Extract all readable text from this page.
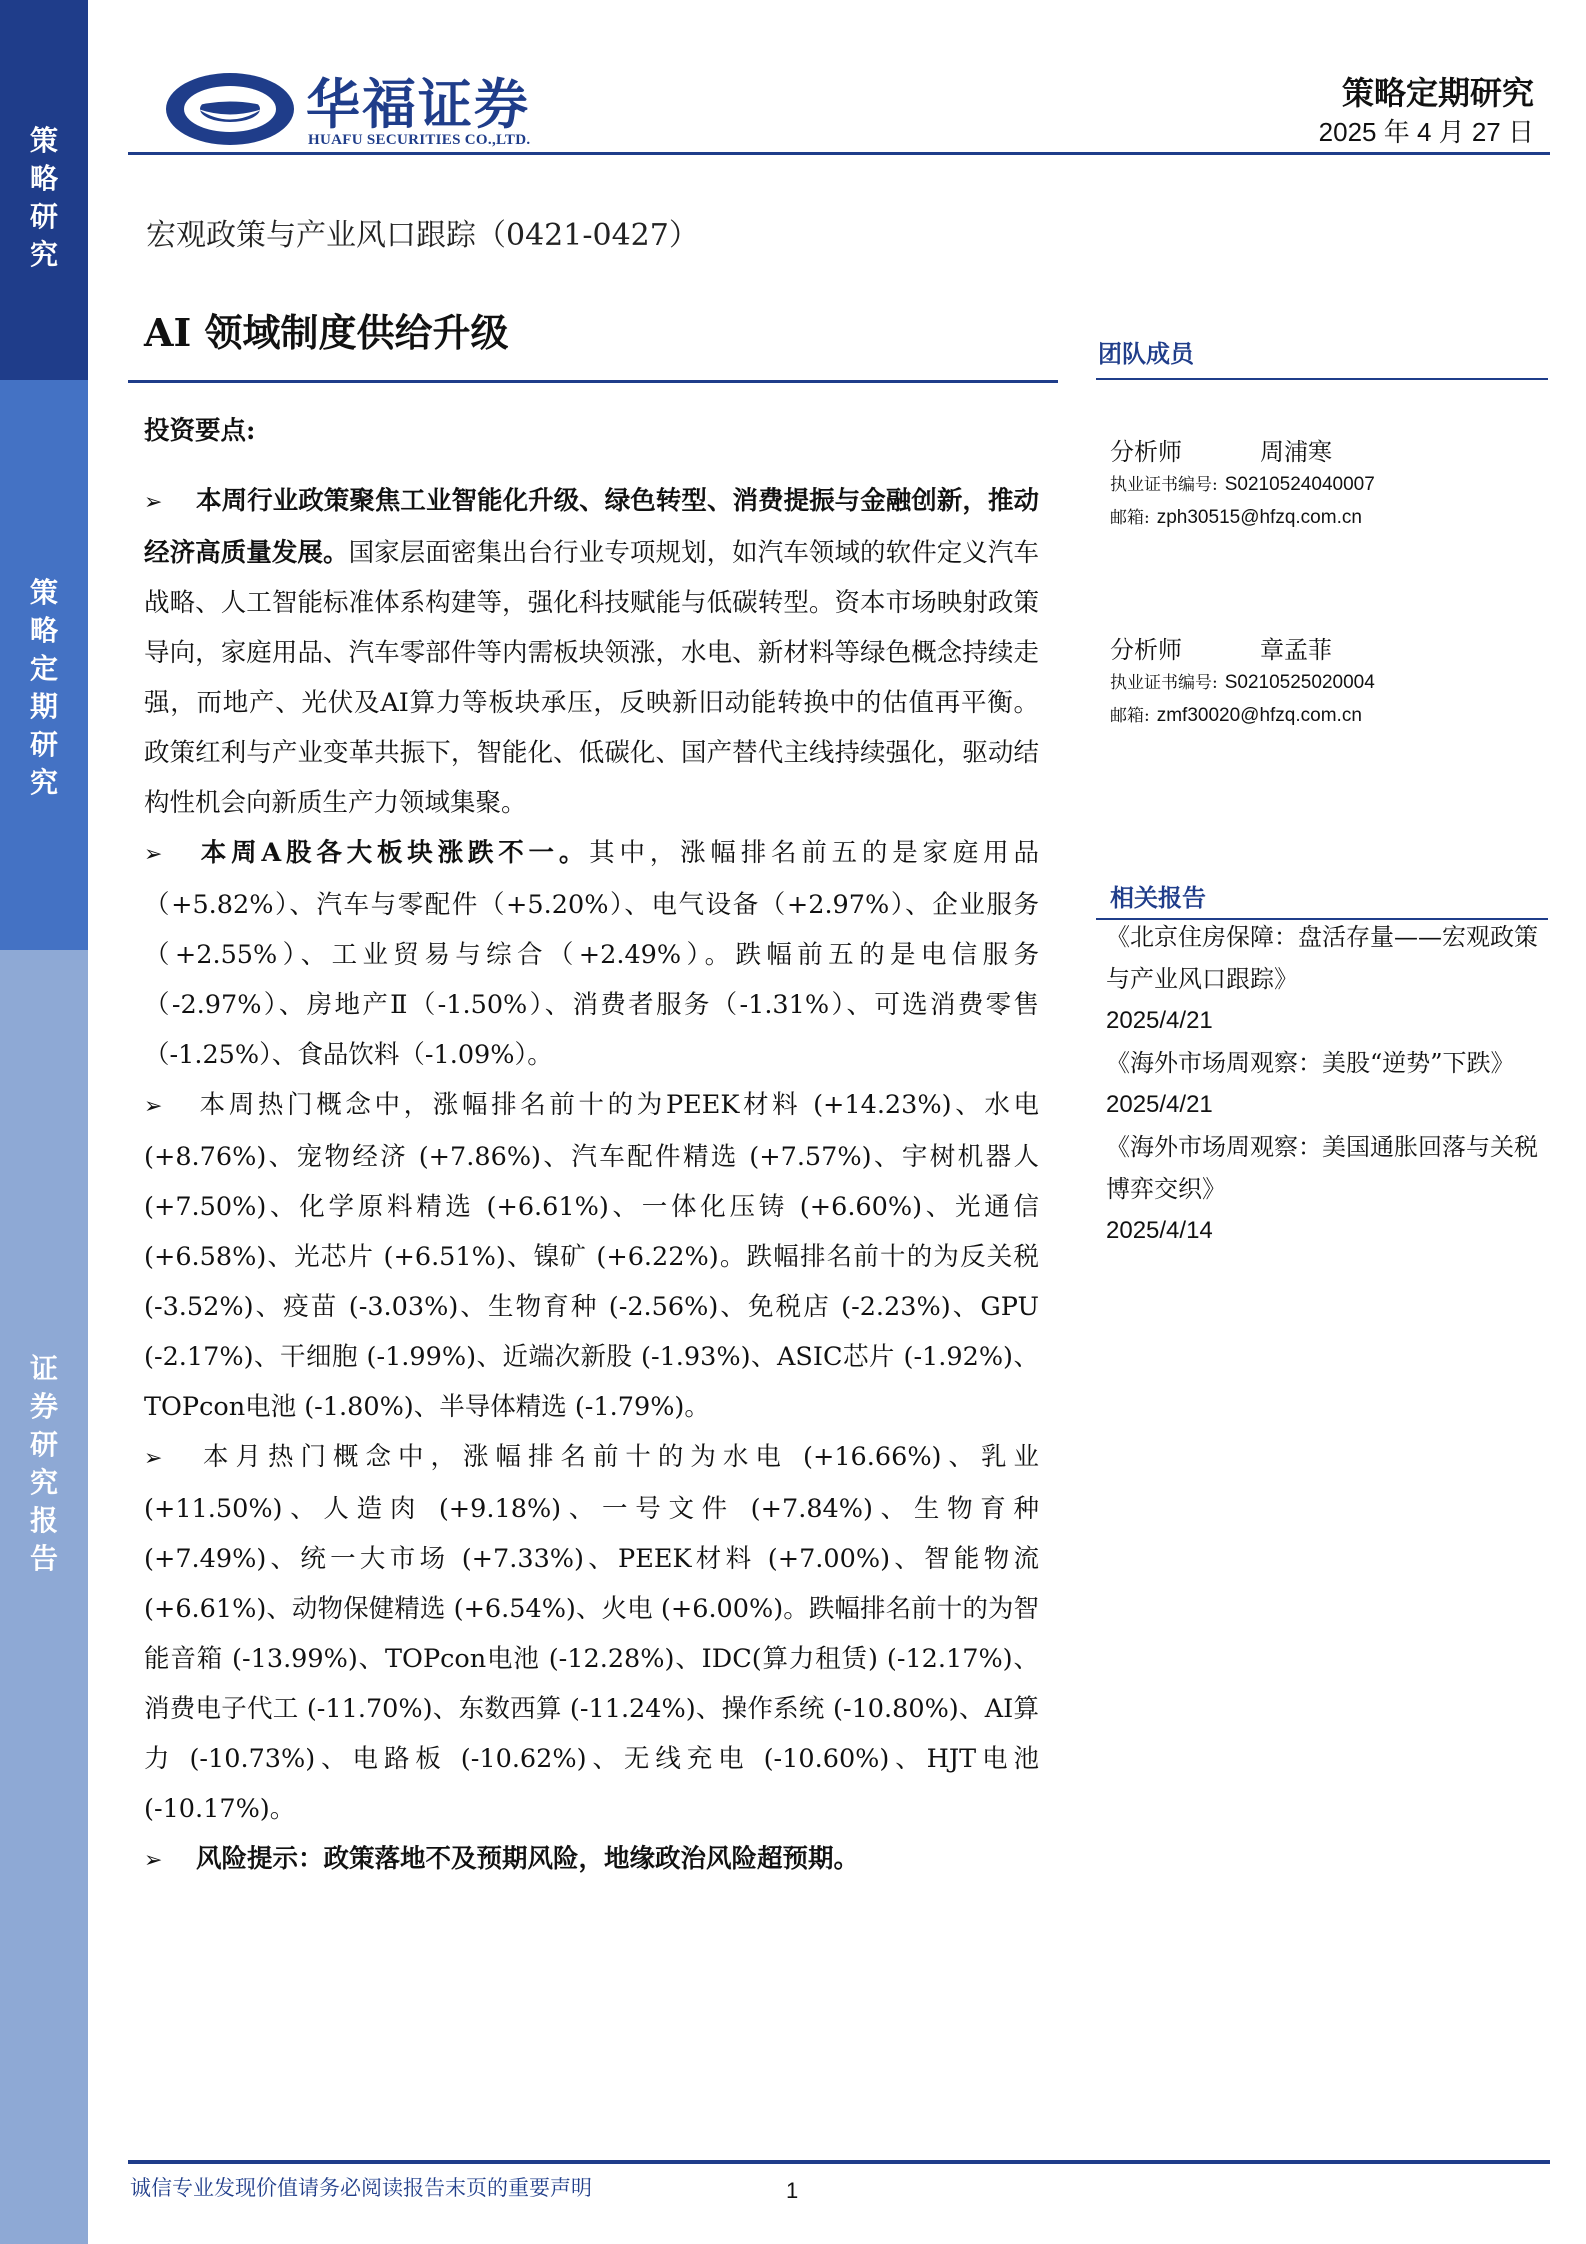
策略研究
策略定期研究
证券研究报告
华福证券
HUAFU SECURITIES CO.,LTD.
策略定期研究
2025 年 4 月 27 日
宏观政策与产业风口跟踪（0421-0427）
AI 领域制度供给升级
投资要点:

➢ 本周行业政策聚焦工业智能化升级、绿色转型、消费提振与金融创新，推动经济高质量发展。国家层面密集出台行业专项规划，如汽车领域的软件定义汽车战略、人工智能标准体系构建等，强化科技赋能与低碳转型。资本市场映射政策导向，家庭用品、汽车零部件等内需板块领涨，水电、新材料等绿色概念持续走强，而地产、光伏及AI算力等板块承压，反映新旧动能转换中的估值再平衡。政策红利与产业变革共振下，智能化、低碳化、国产替代主线持续强化，驱动结构性机会向新质生产力领域集聚。

➢ 本周A股各大板块涨跌不一。其中，涨幅排名前五的是家庭用品（+5.82%）、汽车与零配件（+5.20%）、电气设备（+2.97%）、企业服务（+2.55%）、工业贸易与综合（+2.49%）。跌幅前五的是电信服务（-2.97%）、房地产Ⅱ（-1.50%）、消费者服务（-1.31%）、可选消费零售（-1.25%）、食品饮料（-1.09%）。

➢ 本周热门概念中，涨幅排名前十的为PEEK材料 (+14.23%)、水电 (+8.76%)、宠物经济 (+7.86%)、汽车配件精选 (+7.57%)、宇树机器人 (+7.50%)、化学原料精选 (+6.61%)、一体化压铸 (+6.60%)、光通信 (+6.58%)、光芯片 (+6.51%)、镍矿 (+6.22%)。跌幅排名前十的为反关税 (-3.52%)、疫苗 (-3.03%)、生物育种 (-2.56%)、免税店 (-2.23%)、GPU (-2.17%)、干细胞 (-1.99%)、近端次新股 (-1.93%)、ASIC芯片 (-1.92%)、TOPcon电池 (-1.80%)、半导体精选 (-1.79%)。

➢ 本月热门概念中，涨幅排名前十的为水电 (+16.66%)、乳业 (+11.50%)、人造肉 (+9.18%)、一号文件 (+7.84%)、生物育种 (+7.49%)、统一大市场 (+7.33%)、PEEK材料 (+7.00%)、智能物流 (+6.61%)、动物保健精选 (+6.54%)、火电 (+6.00%)。跌幅排名前十的为智能音箱 (-13.99%)、TOPcon电池 (-12.28%)、IDC(算力租赁) (-12.17%)、消费电子代工 (-11.70%)、东数西算 (-11.24%)、操作系统 (-10.80%)、AI算力 (-10.73%)、电路板 (-10.62%)、无线充电 (-10.60%)、HJT电池 (-10.17%)。

➢ 风险提示：政策落地不及预期风险，地缘政治风险超预期。

团队成员
分析师	周浦寒
执业证书编号: S0210524040007
邮箱: zph30515@hfzq.com.cn
分析师	章孟菲
执业证书编号: S0210525020004
邮箱: zmf30020@hfzq.com.cn
相关报告
《北京住房保障：盘活存量——宏观政策与产业风口跟踪》
2025/4/21
《海外市场周观察：美股“逆势”下跌》
2025/4/21
《海外市场周观察：美国通胀回落与关税博弈交织》
2025/4/14
诚信专业发现价值请务必阅读报告末页的重要声明	1
